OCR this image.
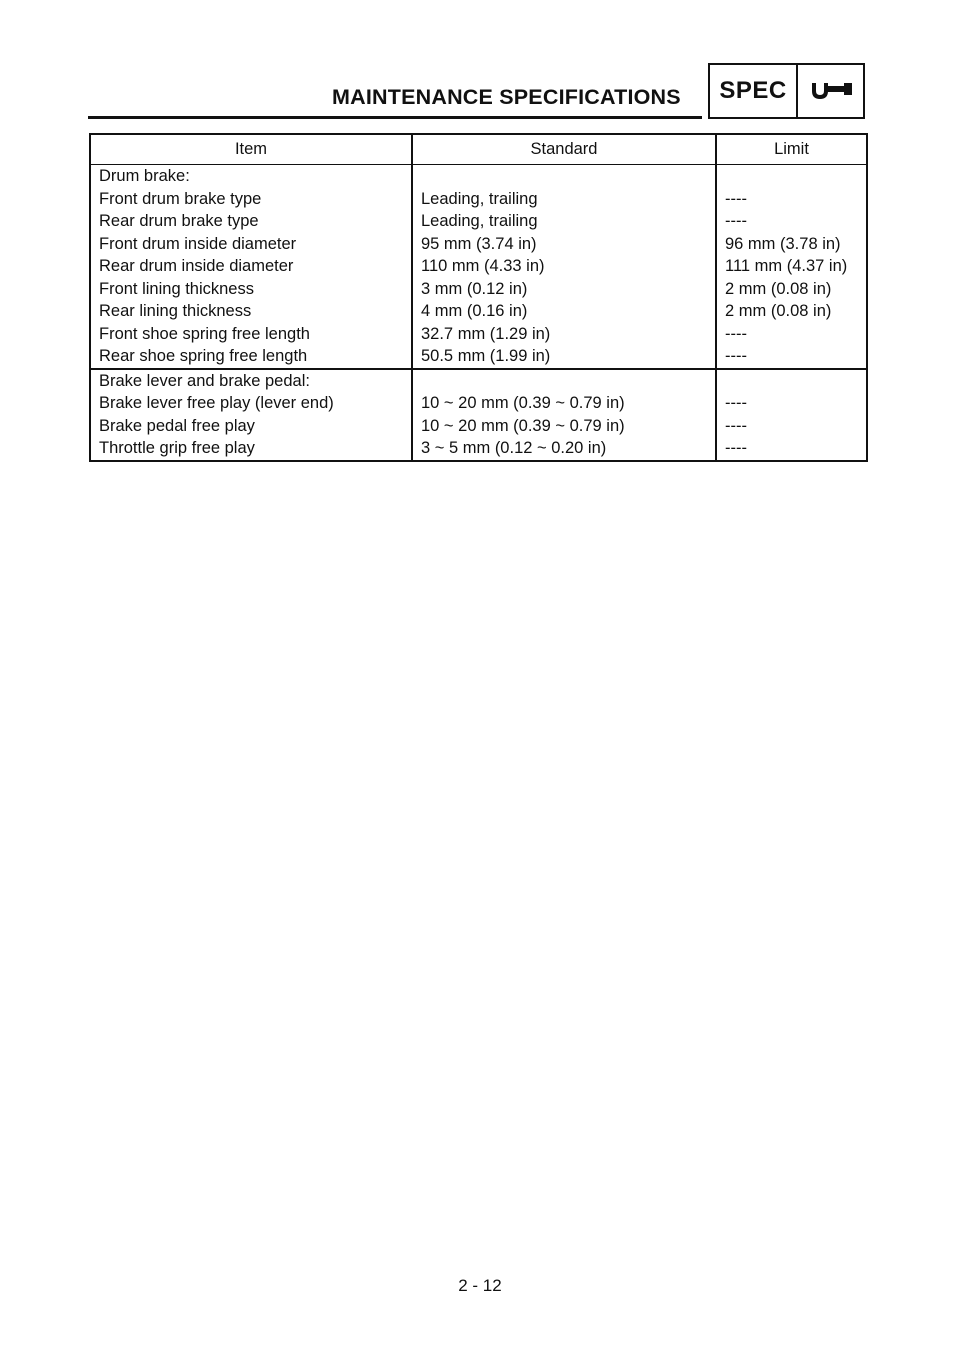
MAINTENANCE SPECIFICATIONS	SPEC
Item	Standard	Limit
Drum brake:		
Front drum brake type	Leading, trailing	----
Rear drum brake type	Leading, trailing	----
Front drum inside diameter	95 mm (3.74 in)	96 mm (3.78 in)
Rear drum inside diameter	110 mm (4.33 in)	111 mm (4.37 in)
Front lining thickness	3 mm (0.12 in)	2 mm (0.08 in)
Rear lining thickness	4 mm (0.16 in)	2 mm (0.08 in)
Front shoe spring free length	32.7 mm (1.29 in)	----
Rear shoe spring free length	50.5 mm (1.99 in)	----
Brake lever and brake pedal:		
Brake lever free play (lever end)	10 ~ 20 mm (0.39 ~ 0.79 in)	----
Brake pedal free play	10 ~ 20 mm (0.39 ~ 0.79 in)	----
Throttle grip free play	3 ~ 5 mm (0.12 ~ 0.20 in)	----
2 - 12
